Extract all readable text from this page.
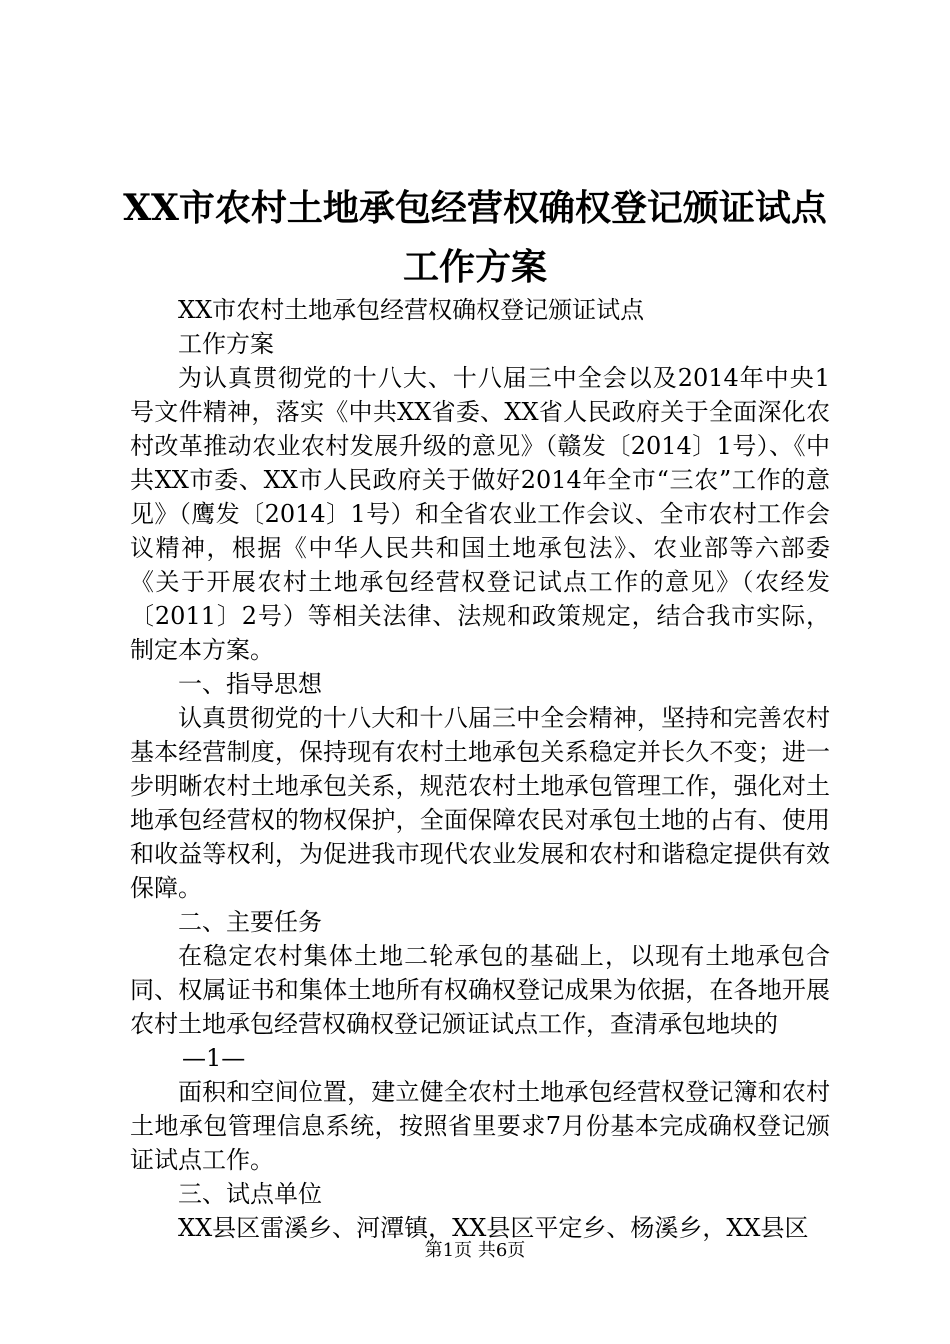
XX市农村土地承包经营权确权登记颁证试点
工作方案

XX市农村土地承包经营权确权登记颁证试点

工作方案

为认真贯彻党的十八大、十八届三中全会以及2014年中央1号文件精神，落实《中共XX省委、XX省人民政府关于全面深化农村改革推动农业农村发展升级的意见》（赣发〔2014〕1号）、《中共XX市委、XX市人民政府关于做好2014年全市“三农”工作的意见》（鹰发〔2014〕1号）和全省农业工作会议、全市农村工作会议精神，根据《中华人民共和国土地承包法》、农业部等六部委《关于开展农村土地承包经营权登记试点工作的意见》（农经发〔2011〕2号）等相关法律、法规和政策规定，结合我市实际，制定本方案。

一、指导思想

认真贯彻党的十八大和十八届三中全会精神，坚持和完善农村基本经营制度，保持现有农村土地承包关系稳定并长久不变；进一步明晰农村土地承包关系，规范农村土地承包管理工作，强化对土地承包经营权的物权保护，全面保障农民对承包土地的占有、使用和收益等权利，为促进我市现代农业发展和农村和谐稳定提供有效保障。

二、主要任务

在稳定农村集体土地二轮承包的基础上，以现有土地承包合同、权属证书和集体土地所有权确权登记成果为依据，在各地开展农村土地承包经营权确权登记颁证试点工作，查清承包地块的

—1—

面积和空间位置，建立健全农村土地承包经营权登记簿和农村土地承包管理信息系统，按照省里要求7月份基本完成确权登记颁证试点工作。

三、试点单位

XX县区雷溪乡、河潭镇，XX县区平定乡、杨溪乡，XX县区

第1页 共6页
